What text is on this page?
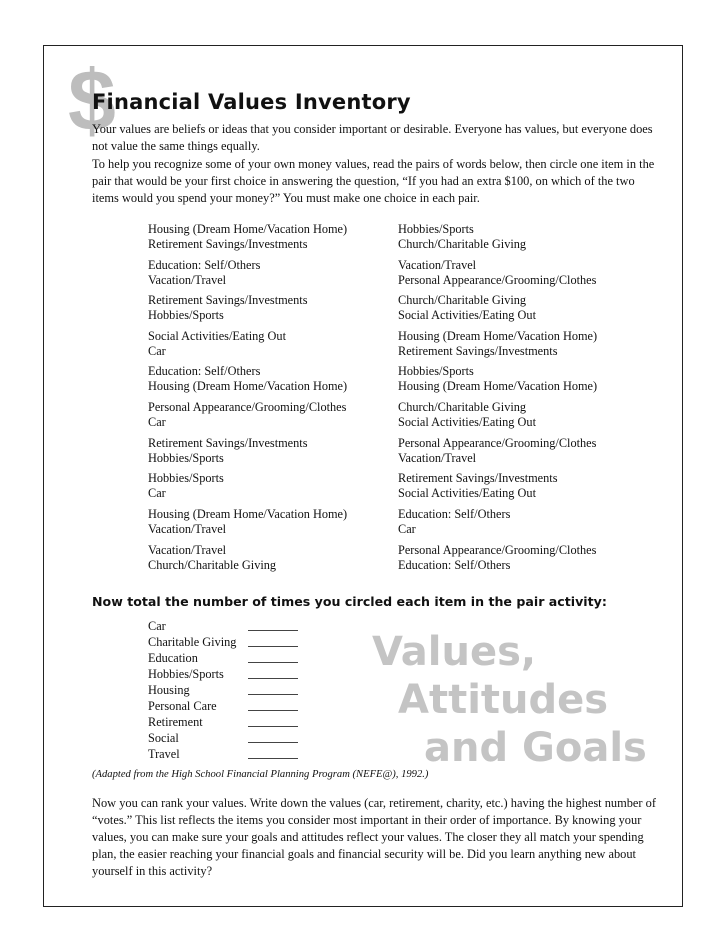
$
Financial Values Inventory

Your values are beliefs or ideas that you consider important or desirable. Everyone has values, but everyone does not value the same things equally.

To help you recognize some of your own money values, read the pairs of words below, then circle one item in the pair that would be your first choice in answering the question, “If you had an extra $100, on which of the two items would you spend your money?” You must make one choice in each pair.

Housing (Dream Home/Vacation Home)
Retirement Savings/Investments
Education: Self/Others
Vacation/Travel
Retirement Savings/Investments
Hobbies/Sports
Social Activities/Eating Out
Car
Education: Self/Others
Housing (Dream Home/Vacation Home)
Personal Appearance/Grooming/Clothes
Car
Retirement Savings/Investments
Hobbies/Sports
Hobbies/Sports
Car
Housing (Dream Home/Vacation Home)
Vacation/Travel
Vacation/Travel
Church/Charitable Giving
Hobbies/Sports
Church/Charitable Giving
Vacation/Travel
Personal Appearance/Grooming/Clothes
Church/Charitable Giving
Social Activities/Eating Out
Housing (Dream Home/Vacation Home)
Retirement Savings/Investments
Hobbies/Sports
Housing (Dream Home/Vacation Home)
Church/Charitable Giving
Social Activities/Eating Out
Personal Appearance/Grooming/Clothes
Vacation/Travel
Retirement Savings/Investments
Social Activities/Eating Out
Education: Self/Others
Car
Personal Appearance/Grooming/Clothes
Education: Self/Others
Now total the number of times you circled each item in the pair activity:
Car
Charitable Giving
Education
Hobbies/Sports
Housing
Personal Care
Retirement
Social
Travel
Values,
Attitudes
and Goals
(Adapted from the High School Financial Planning Program (NEFE@), 1992.)

Now you can rank your values. Write down the values (car, retirement, charity, etc.) having the highest number of “votes.” This list reflects the items you consider most important in their order of importance. By knowing your values, you can make sure your goals and attitudes reflect your values. The closer they all match your spending plan, the easier reaching your financial goals and financial security will be. Did you learn anything new about yourself in this activity?
